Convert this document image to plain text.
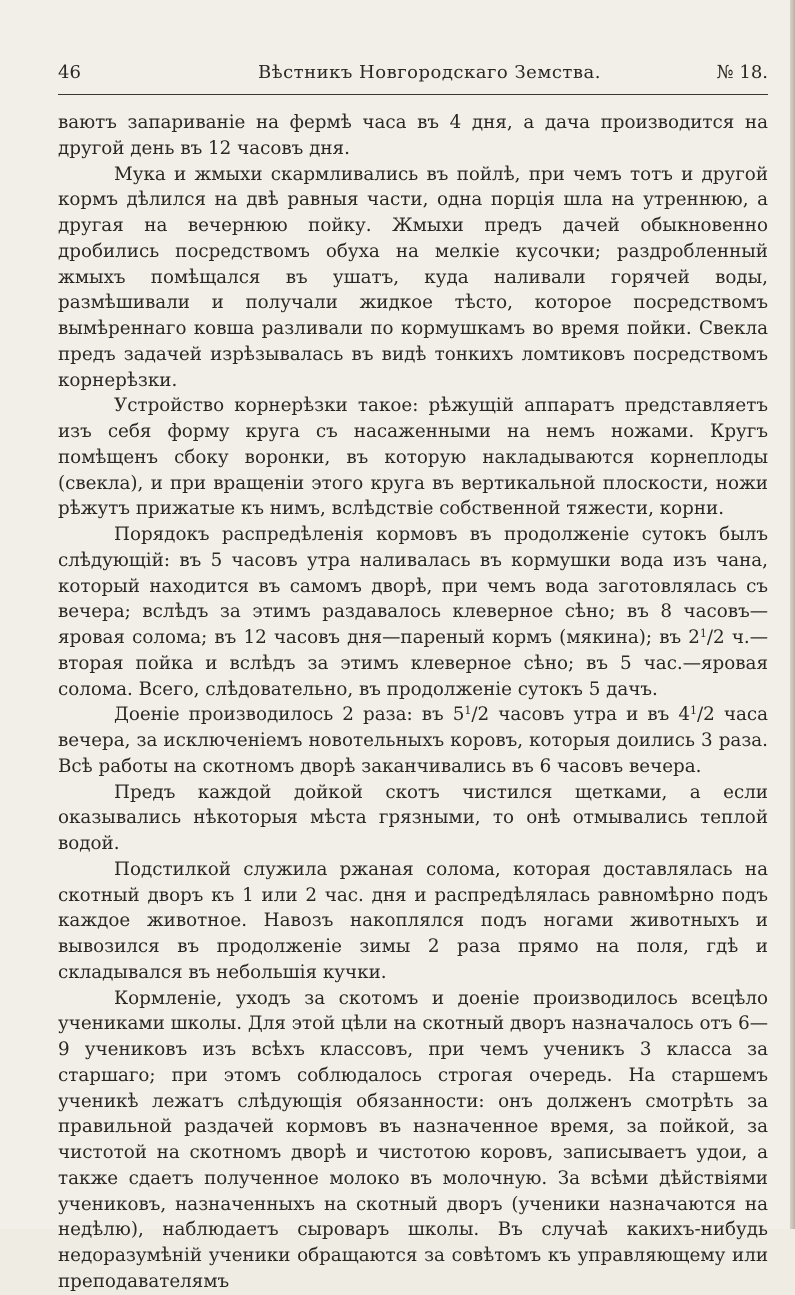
46	Вѣстникъ Новгородскаго Земства.	№ 18.

ваютъ запариваніе на фермѣ часа въ 4 дня, а дача производится на другой день въ 12 часовъ дня.

Мука и жмыхи скармливались въ пойлѣ, при чемъ тотъ и другой кормъ дѣлился на двѣ равныя части, одна порція шла на утреннюю, а другая на вечернюю пойку. Жмыхи предъ дачей обыкновенно дробились посредствомъ обуха на мелкіе кусочки; раздробленный жмыхъ помѣщался въ ушатъ, куда наливали горячей воды, размѣшивали и получали жидкое тѣсто, которое посредствомъ вымѣреннаго ковша разливали по кормушкамъ во время пойки. Свекла предъ задачей изрѣзывалась въ видѣ тонкихъ ломтиковъ посредствомъ корнерѣзки.

Устройство корнерѣзки такое: рѣжущій аппаратъ представляетъ изъ себя форму круга съ насаженными на немъ ножами. Кругъ помѣщенъ сбоку воронки, въ которую накладываются корнеплоды (свекла), и при вращеніи этого круга въ вертикальной плоскости, ножи рѣжутъ прижатые къ нимъ, вслѣдствіе собственной тяжести, корни.

Порядокъ распредѣленія кормовъ въ продолженіе сутокъ былъ слѣдующій: въ 5 часовъ утра наливалась въ кормушки вода изъ чана, который находится въ самомъ дворѣ, при чемъ вода заготовлялась съ вечера; вслѣдъ за этимъ раздавалось клеверное сѣно; въ 8 часовъ—яровая солома; въ 12 часовъ дня—пареный кормъ (мякина); въ $2^1/2$ ч.—вторая пойка и вслѣдъ за этимъ клеверное сѣно; въ 5 час.—яровая солома. Всего, слѣдовательно, въ продолженіе сутокъ 5 дачъ.

Доеніе производилось 2 раза: въ $5^1/2$ часовъ утра и въ $4^1/2$ часа вечера, за исключеніемъ новотельныхъ коровъ, которыя доились 3 раза. Всѣ работы на скотномъ дворѣ заканчивались въ 6 часовъ вечера.

Предъ каждой дойкой скотъ чистился щетками, а если оказывались нѣкоторыя мѣста грязными, то онѣ отмывались теплой водой.

Подстилкой служила ржаная солома, которая доставлялась на скотный дворъ къ 1 или 2 час. дня и распредѣлялась равномѣрно подъ каждое животное. Навозъ накоплялся подъ ногами животныхъ и вывозился въ продолженіе зимы 2 раза прямо на поля, гдѣ и складывался въ небольшія кучки.

Кормленіе, уходъ за скотомъ и доеніе производилось всецѣло учениками школы. Для этой цѣли на скотный дворъ назначалось отъ 6—9 учениковъ изъ всѣхъ классовъ, при чемъ ученикъ 3 класса за старшаго; при этомъ соблюдалось строгая очередь. На старшемъ ученикѣ лежатъ слѣдующія обязанности: онъ долженъ смотрѣть за правильной раздачей кормовъ въ назначенное время, за пойкой, за чистотой на скотномъ дворѣ и чистотою коровъ, записываетъ удои, а также сдаетъ полученное молоко въ молочную. За всѣми дѣйствіями учениковъ, назначенныхъ на скотный дворъ (ученики назначаются на недѣлю), наблюдаетъ сыроваръ школы. Въ случаѣ какихъ-нибудь недоразумѣній ученики обращаются за совѣтомъ къ управляющему или преподавателямъ
